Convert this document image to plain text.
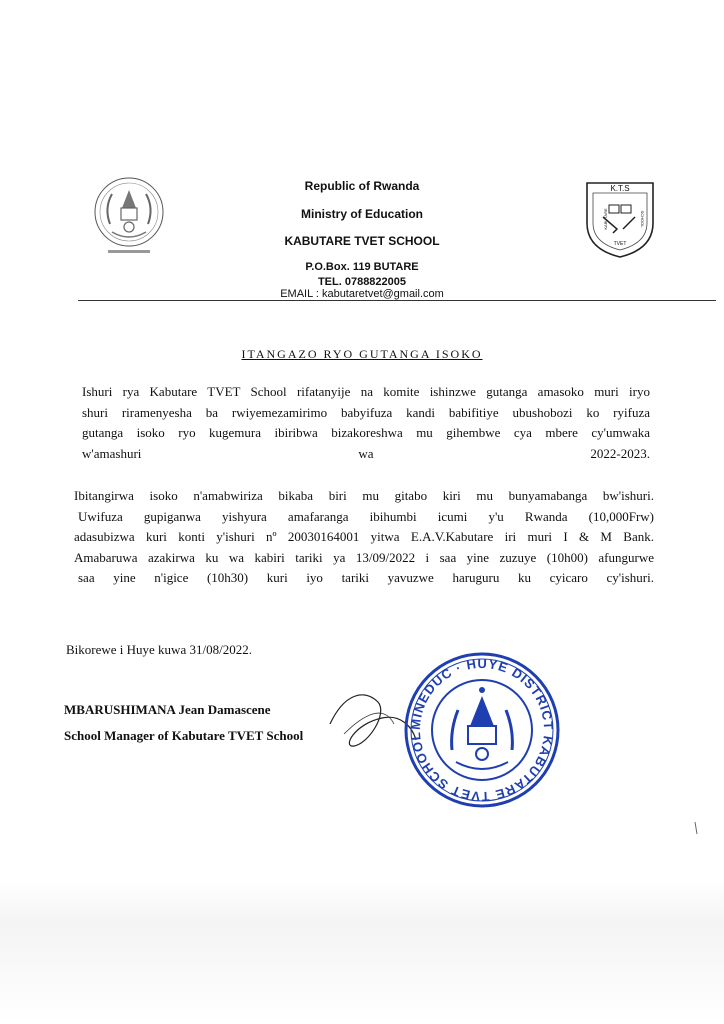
Republic of Rwanda
Ministry of Education
KABUTARE TVET SCHOOL
P.O.Box. 119 BUTARE
TEL. 0788822005
EMAIL : kabutaretvet@gmail.com
K.T.S
KABUTARE	SCHOOL
TVET
ITANGAZO RYO GUTANGA ISOKO
Ishuri rya Kabutare TVET School rifatanyije na komite ishinzwe gutanga amasoko muri iryo
shuri riramenyesha ba rwiyemezamirimo babyifuza kandi babifitiye ubushobozi ko ryifuza
gutanga isoko ryo kugemura ibiribwa bizakoreshwa mu gihembwe cya mbere cy'umwaka
w'amashuri wa 2022-2023.
Ibitangirwa isoko n'amabwiriza bikaba biri mu gitabo kiri mu bunyamabanga bw'ishuri.
Uwifuza gupiganwa yishyura amafaranga ibihumbi icumi y'u Rwanda (10,000Frw)
adasubizwa kuri konti y'ishuri nº 20030164001 yitwa E.A.V.Kabutare iri muri I & M Bank.
Amabaruwa azakirwa ku wa kabiri tariki ya 13/09/2022 i saa yine zuzuye (10h00) afungurwe
saa yine n'igice (10h30) kuri iyo tariki yavuzwe haruguru ku cyicaro cy'ishuri.
Bikorewe i Huye kuwa 31/08/2022.
MBARUSHIMANA Jean Damascene
School Manager of Kabutare TVET School
MINEDUC · HUYE DISTRICT KABUTARE TVET SCHOOL
